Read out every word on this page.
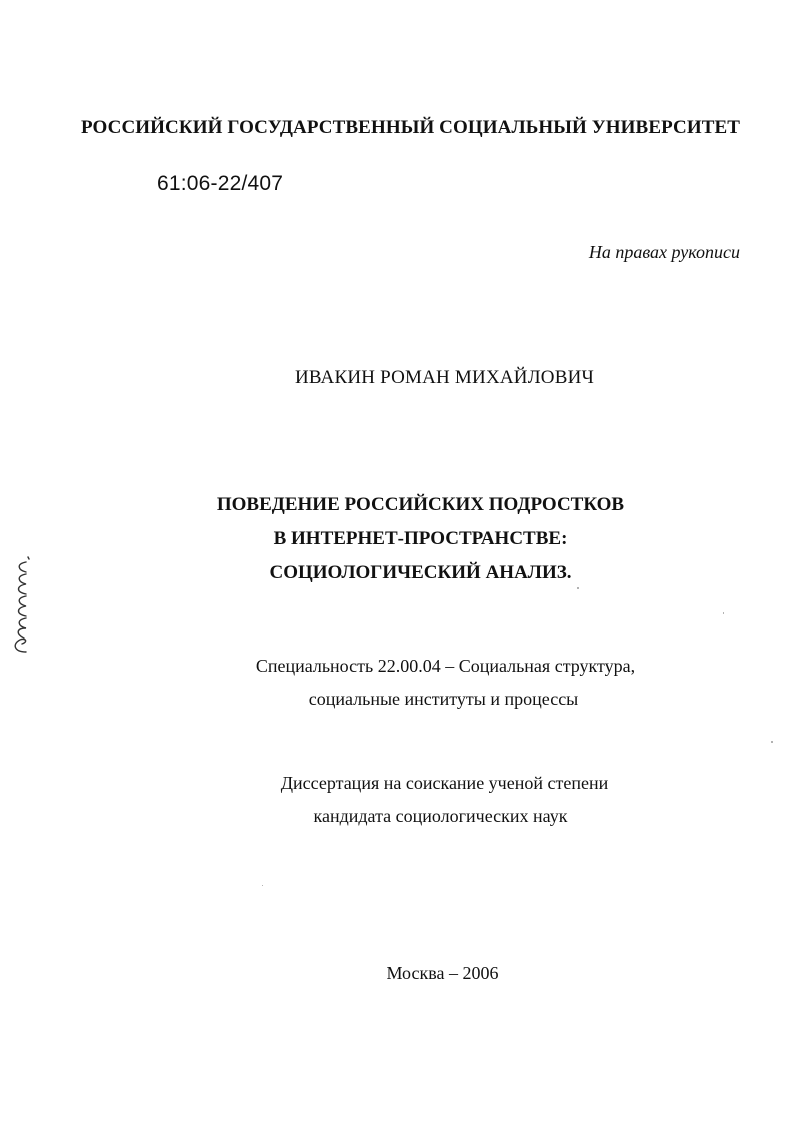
РОССИЙСКИЙ ГОСУДАРСТВЕННЫЙ СОЦИАЛЬНЫЙ УНИВЕРСИТЕТ

61:06-22/407

На правах рукописи

ИВАКИН РОМАН МИХАЙЛОВИЧ

ПОВЕДЕНИЕ РОССИЙСКИХ ПОДРОСТКОВ

В ИНТЕРНЕТ-ПРОСТРАНСТВЕ:

СОЦИОЛОГИЧЕСКИЙ АНАЛИЗ.

Специальность 22.00.04 – Социальная структура,

социальные институты и процессы

Диссертация на соискание ученой степени

кандидата социологических наук

Москва – 2006
